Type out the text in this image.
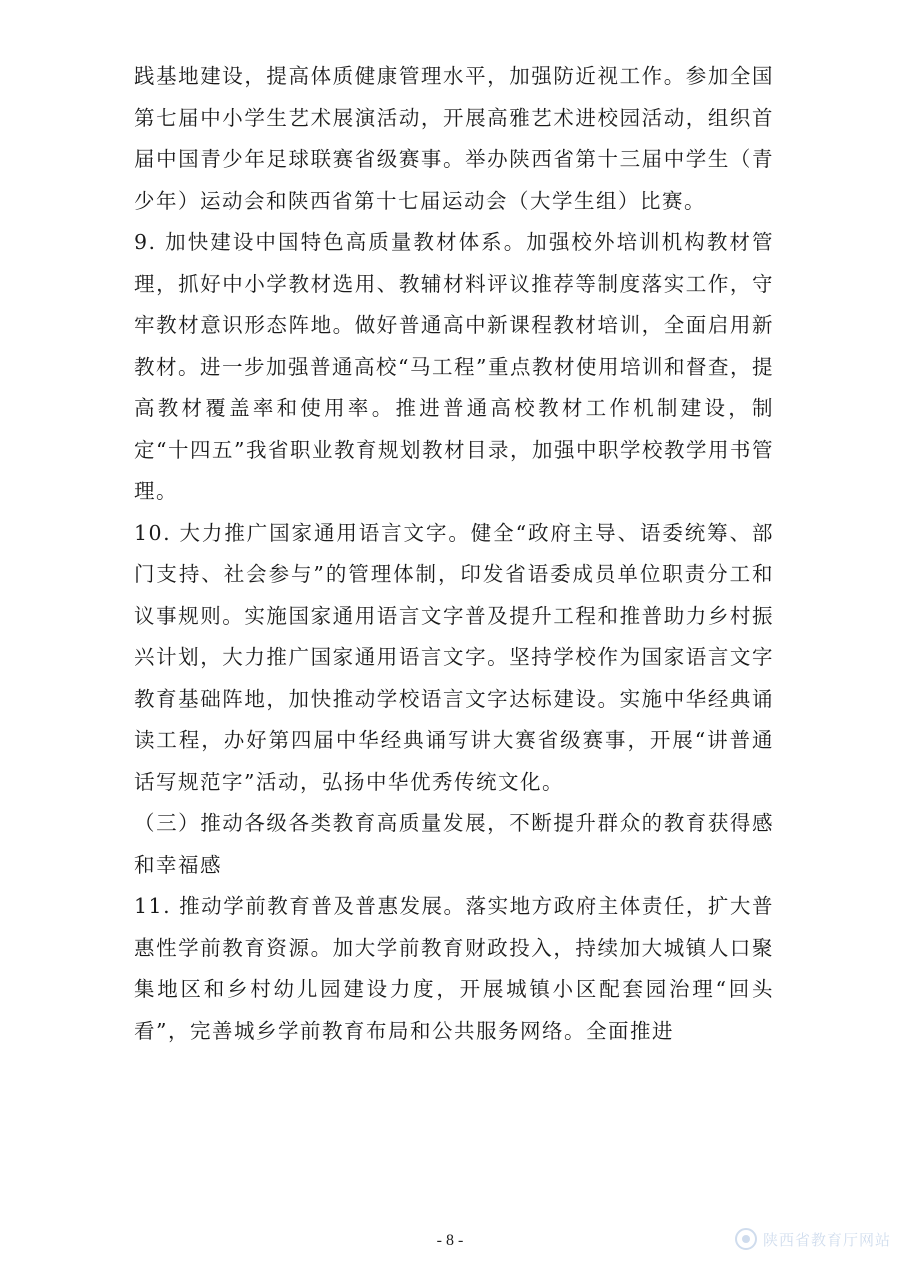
践基地建设，提高体质健康管理水平，加强防近视工作。参加全国第七届中小学生艺术展演活动，开展高雅艺术进校园活动，组织首届中国青少年足球联赛省级赛事。举办陕西省第十三届中学生（青少年）运动会和陕西省第十七届运动会（大学生组）比赛。

9. 加快建设中国特色高质量教材体系。加强校外培训机构教材管理，抓好中小学教材选用、教辅材料评议推荐等制度落实工作，守牢教材意识形态阵地。做好普通高中新课程教材培训，全面启用新教材。进一步加强普通高校“马工程”重点教材使用培训和督查，提高教材覆盖率和使用率。推进普通高校教材工作机制建设，制定“十四五”我省职业教育规划教材目录，加强中职学校教学用书管理。

10. 大力推广国家通用语言文字。健全“政府主导、语委统筹、部门支持、社会参与”的管理体制，印发省语委成员单位职责分工和议事规则。实施国家通用语言文字普及提升工程和推普助力乡村振兴计划，大力推广国家通用语言文字。坚持学校作为国家语言文字教育基础阵地，加快推动学校语言文字达标建设。实施中华经典诵读工程，办好第四届中华经典诵写讲大赛省级赛事，开展“讲普通话写规范字”活动，弘扬中华优秀传统文化。

（三）推动各级各类教育高质量发展，不断提升群众的教育获得感和幸福感

11. 推动学前教育普及普惠发展。落实地方政府主体责任，扩大普惠性学前教育资源。加大学前教育财政投入，持续加大城镇人口聚集地区和乡村幼儿园建设力度，开展城镇小区配套园治理“回头看”，完善城乡学前教育布局和公共服务网络。全面推进

- 8 -	陕西省教育厅网站
